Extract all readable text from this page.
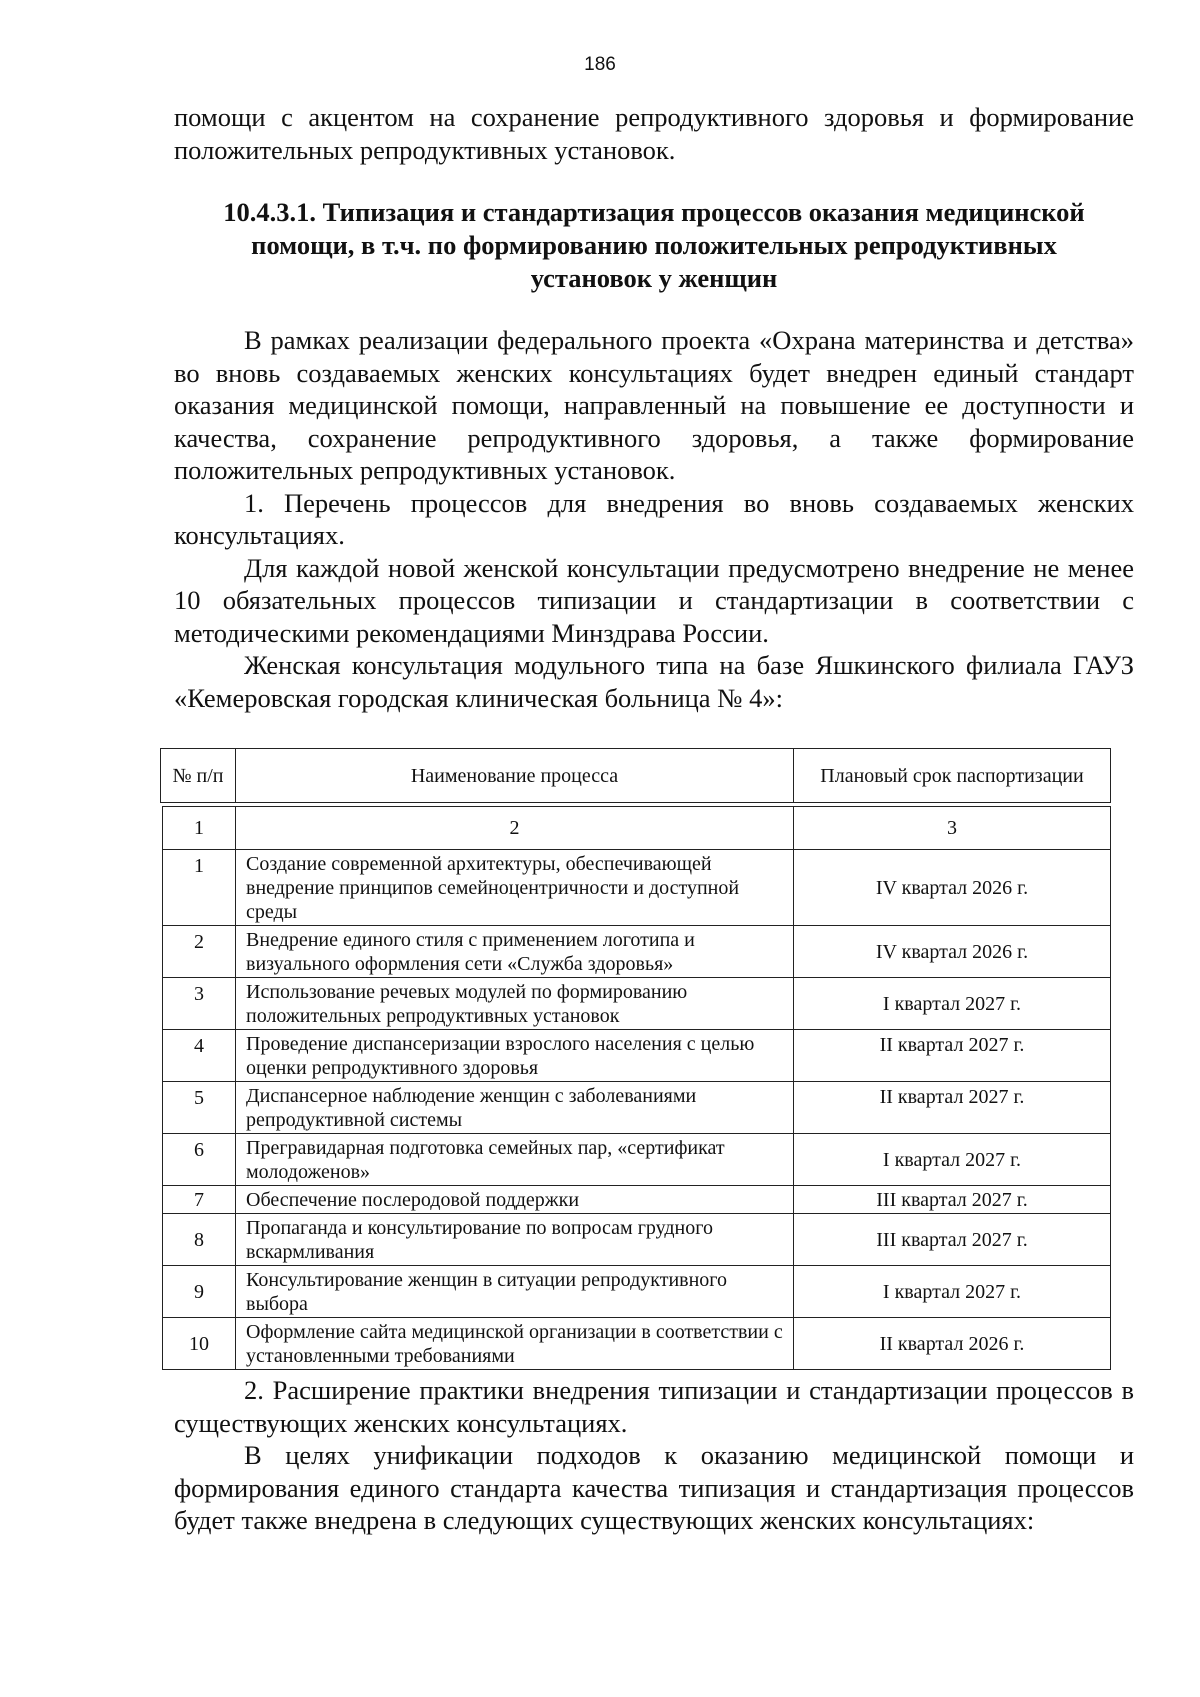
186

помощи с акцентом на сохранение репродуктивного здоровья и формирование положительных репродуктивных установок.

10.4.3.1. Типизация и стандартизация процессов оказания медицинской
помощи, в т.ч. по формированию положительных репродуктивных
установок у женщин

В рамках реализации федерального проекта «Охрана материнства и детства» во вновь создаваемых женских консультациях будет внедрен единый стандарт оказания медицинской помощи, направленный на повышение ее доступности и качества, сохранение репродуктивного здоровья, а также формирование положительных репродуктивных установок.

1. Перечень процессов для внедрения во вновь создаваемых женских консультациях.

Для каждой новой женской консультации предусмотрено внедрение не менее 10 обязательных процессов типизации и стандартизации в соответствии с методическими рекомендациями Минздрава России.

Женская консультация модульного типа на базе Яшкинского филиала ГАУЗ «Кемеровская городская клиническая больница № 4»:

№ п/п	Наименование процесса	Плановый срок паспортизации
1	2	3
1	Создание современной архитектуры, обеспечивающей внедрение принципов семейноцентричности и доступной среды	IV квартал 2026 г.
2	Внедрение единого стиля с применением логотипа и визуального оформления сети «Служба здоровья»	IV квартал 2026 г.
3	Использование речевых модулей по формированию положительных репродуктивных установок	I квартал 2027 г.
4	Проведение диспансеризации взрослого населения с целью оценки репродуктивного здоровья	II квартал 2027 г.
5	Диспансерное наблюдение женщин с заболеваниями репродуктивной системы	II квартал 2027 г.
6	Прегравидарная подготовка семейных пар, «сертификат молодоженов»	I квартал 2027 г.
7	Обеспечение послеродовой поддержки	III квартал 2027 г.
8	Пропаганда и консультирование по вопросам грудного вскармливания	III квартал 2027 г.
9	Консультирование женщин в ситуации репродуктивного выбора	I квартал 2027 г.
10	Оформление сайта медицинской организации в соответствии с установленными требованиями	II квартал 2026 г.

2. Расширение практики внедрения типизации и стандартизации процессов в существующих женских консультациях.

В целях унификации подходов к оказанию медицинской помощи и формирования единого стандарта качества типизация и стандартизация процессов будет также внедрена в следующих существующих женских консультациях:
